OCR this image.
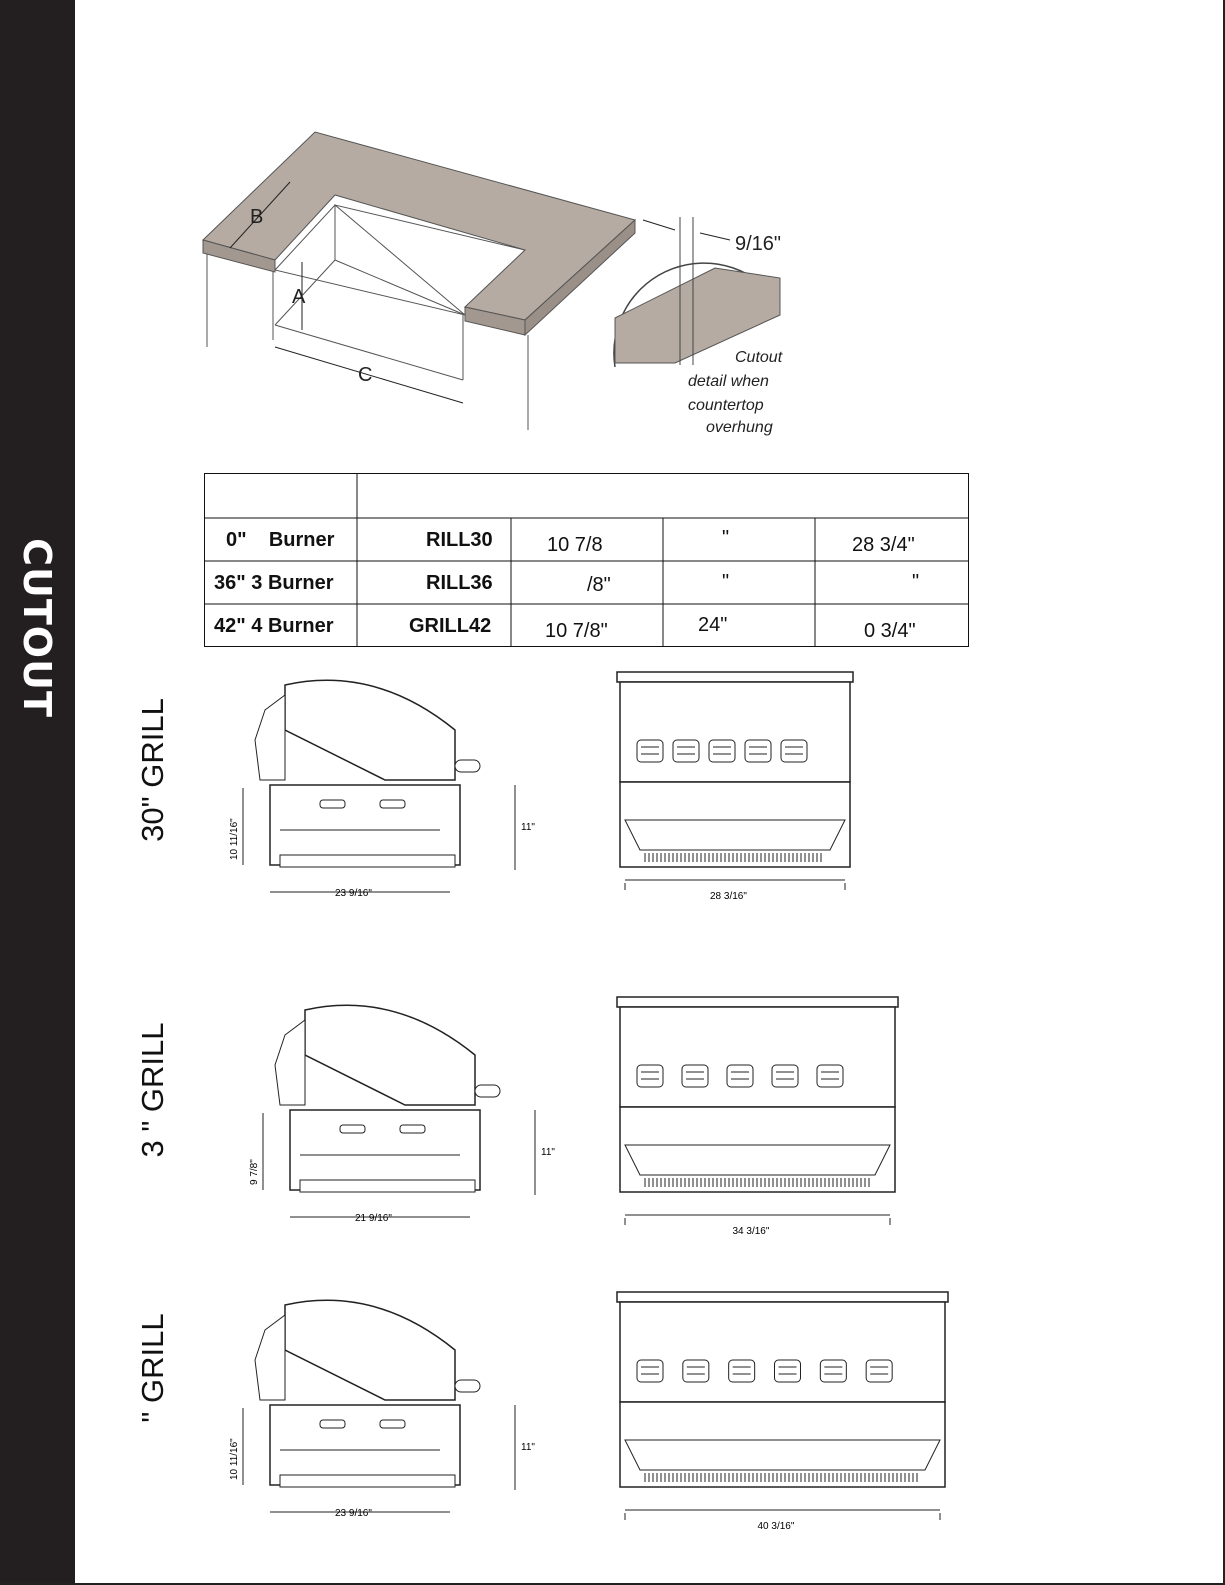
CUTOUT
A
B
C
9/16"
Cutout
detail when
countertop
overhung
0"    Burner	RILL30	10 7/8	"	28 3/4"
36" 3 Burner	RILL36	/8"	"	"
42" 4 Burner	GRILL42	10 7/8"	24"	0 3/4"
30" GRILL
3 " GRILL
" GRILL
10 11/16"	11"
23 9/16"	28 3/16"
9 7/8"
11"
21 9/16"
34 3/16"
10 11/16"	11"
23 9/16"
40 3/16"
